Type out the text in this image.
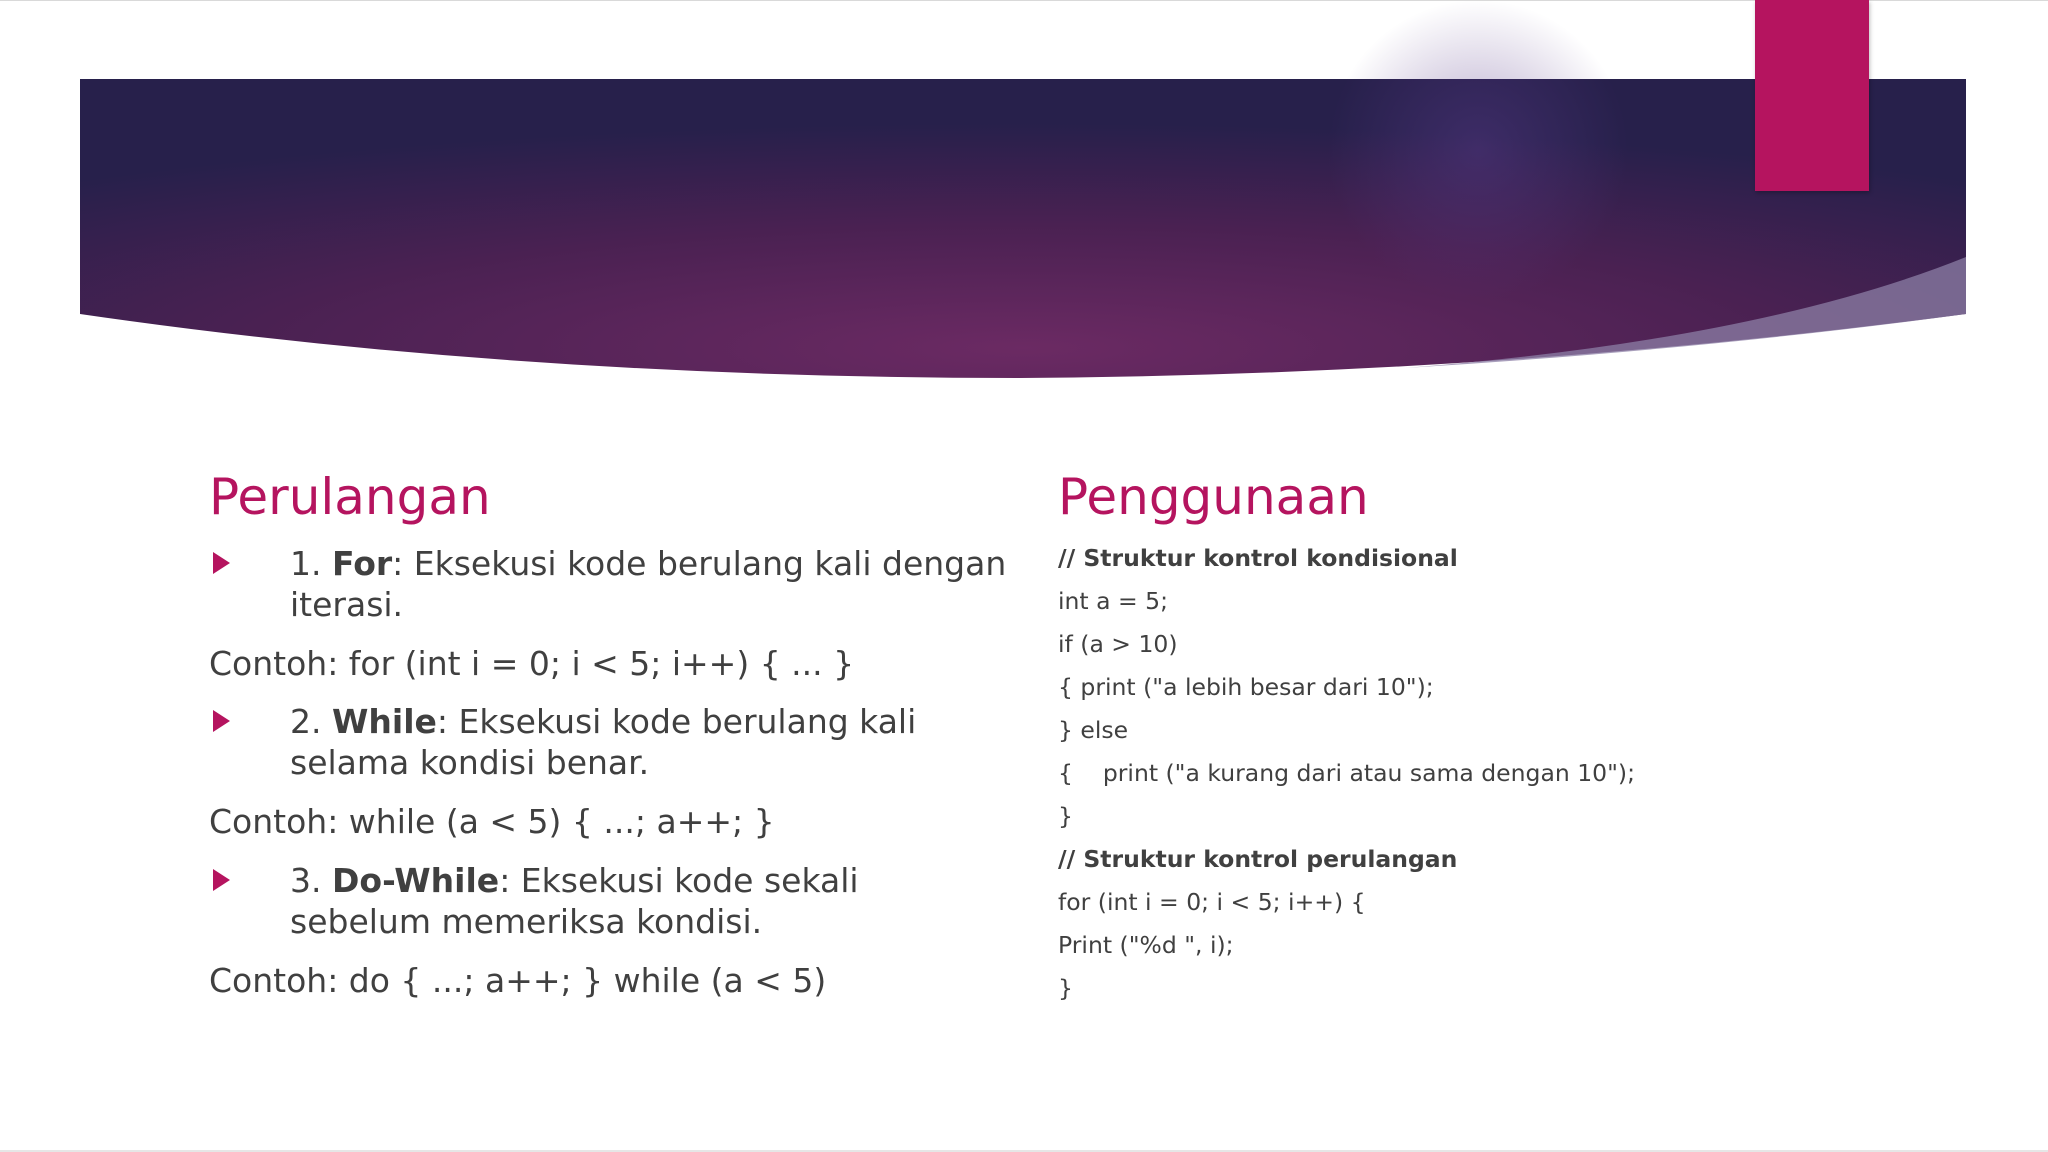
Perulangan
1. For: Eksekusi kode berulang kali dengan iterasi.
Contoh: for (int i = 0; i < 5; i++) { ... }
2. While: Eksekusi kode berulang kali selama kondisi benar.
Contoh: while (a < 5) { ...; a++; }
3. Do-While: Eksekusi kode sekali sebelum memeriksa kondisi.
Contoh: do { ...; a++; } while (a < 5)
Penggunaan
// Struktur kontrol kondisional
int a = 5;
if (a > 10)
{ print ("a lebih besar dari 10");
} else
{    print ("a kurang dari atau sama dengan 10");
}
// Struktur kontrol perulangan
for (int i = 0; i < 5; i++) {
Print ("%d ", i);
}
